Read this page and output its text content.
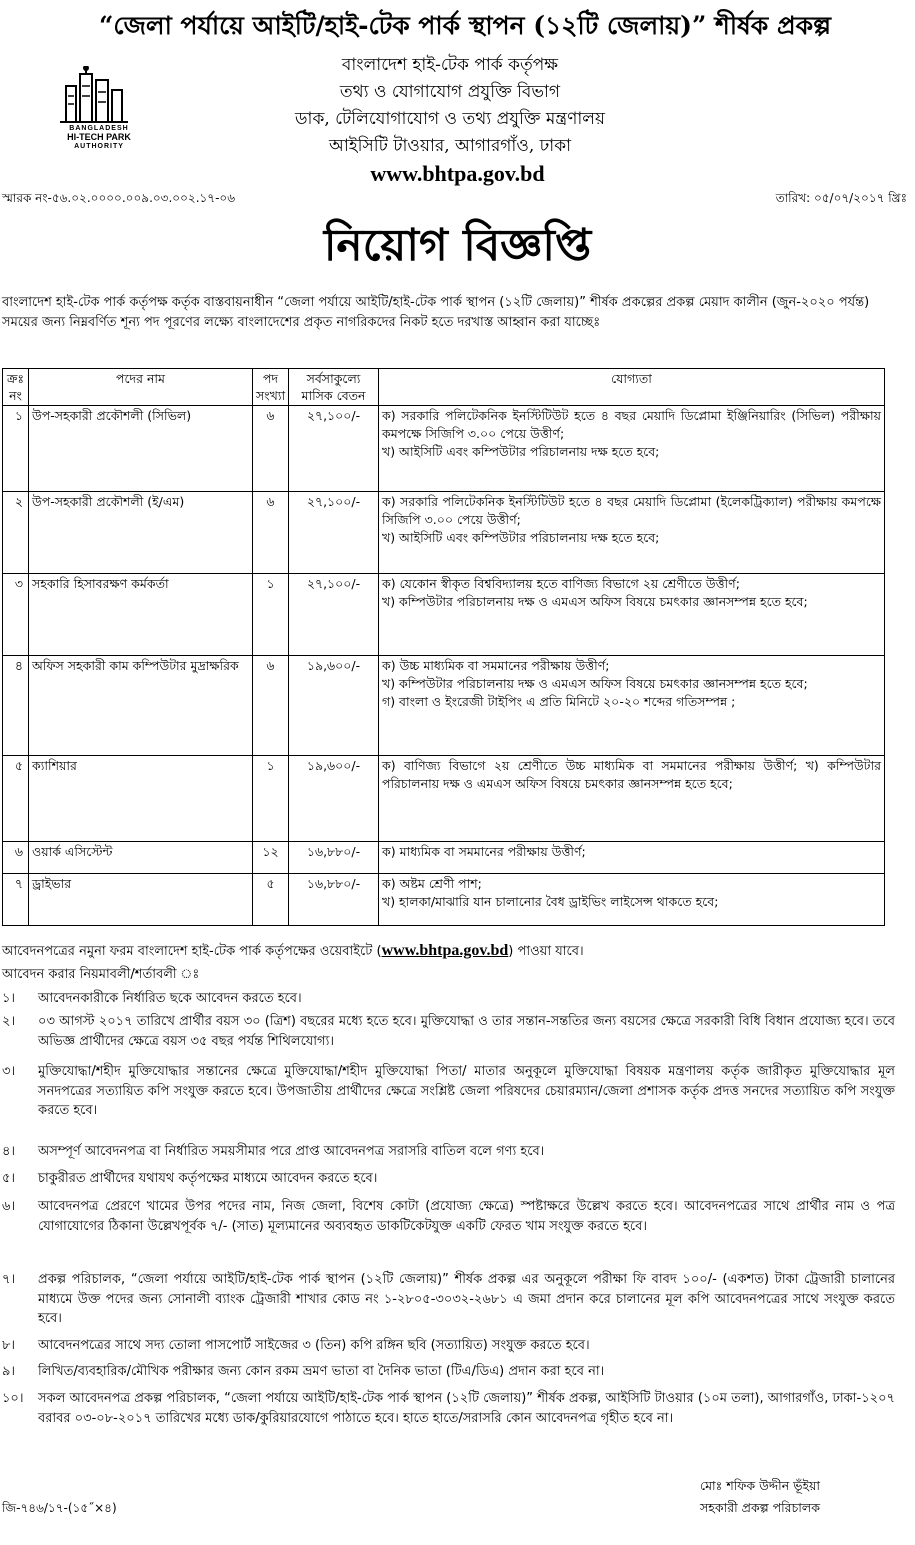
“জেলা পর্যায়ে আইটি/হাই-টেক পার্ক স্থাপন (১২টি জেলায়)” শীর্ষক প্রকল্প
BANGLADESH
HI-TECH PARK
AUTHORITY
বাংলাদেশ হাই-টেক পার্ক কর্তৃপক্ষ
তথ্য ও যোগাযোগ প্রযুক্তি বিভাগ
ডাক, টেলিযোগাযোগ ও তথ্য প্রযুক্তি মন্ত্রণালয়
আইসিটি টাওয়ার, আগারগাঁও, ঢাকা
www.bhtpa.gov.bd
স্মারক নং-৫৬.০২.০০০০.০০৯.০৩.০০২.১৭-০৬	তারিখ: ০৫/০৭/২০১৭ খ্রিঃ
নিয়োগ বিজ্ঞপ্তি
বাংলাদেশ হাই-টেক পার্ক কর্তৃপক্ষ কর্তৃক বাস্তবায়নাধীন “জেলা পর্যায়ে আইটি/হাই-টেক পার্ক স্থাপন (১২টি জেলায়)” শীর্ষক প্রকল্পের প্রকল্প মেয়াদ কালীন (জুন-২০২০ পর্যন্ত) সময়ের জন্য নিম্নবর্ণিত শূন্য পদ পূরণের লক্ষ্যে বাংলাদেশের প্রকৃত নাগরিকদের নিকট হতে দরখাস্ত আহ্বান করা যাচ্ছেঃ
ক্রঃ নং	পদের নাম	পদ সংখ্যা	সর্বসাকুল্যে মাসিক বেতন	যোগ্যতা
১	উপ-সহকারী প্রকৌশলী (সিভিল)	৬	২৭,১০০/-	ক) সরকারি পলিটেকনিক ইনস্টিটিউট হতে ৪ বছর মেয়াদি ডিপ্লোমা ইঞ্জিনিয়ারিং (সিভিল) পরীক্ষায় কমপক্ষে সিজিপি ৩.০০ পেয়ে উত্তীর্ণ;
খ) আইসিটি এবং কম্পিউটার পরিচালনায় দক্ষ হতে হবে;
২	উপ-সহকারী প্রকৌশলী (ই/এম)	৬	২৭,১০০/-	ক) সরকারি পলিটেকনিক ইনস্টিটিউট হতে ৪ বছর মেয়াদি ডিপ্লোমা (ইলেকট্রিক্যাল) পরীক্ষায় কমপক্ষে সিজিপি ৩.০০ পেয়ে উত্তীর্ণ;
খ) আইসিটি এবং কম্পিউটার পরিচালনায় দক্ষ হতে হবে;
৩	সহকারি হিসাবরক্ষণ কর্মকর্তা	১	২৭,১০০/-	ক) যেকোন স্বীকৃত বিশ্ববিদ্যালয় হতে বাণিজ্য বিভাগে ২য় শ্রেণীতে উত্তীর্ণ;
খ) কম্পিউটার পরিচালনায় দক্ষ ও এমএস অফিস বিষয়ে চমৎকার জ্ঞানসম্পন্ন হতে হবে;
৪	অফিস সহকারী কাম কম্পিউটার মুদ্রাক্ষরিক	৬	১৯,৬০০/-	ক) উচ্চ মাধ্যমিক বা সমমানের পরীক্ষায় উত্তীর্ণ;
খ) কম্পিউটার পরিচালনায় দক্ষ ও এমএস অফিস বিষয়ে চমৎকার জ্ঞানসম্পন্ন হতে হবে;
গ) বাংলা ও ইংরেজী টাইপিং এ প্রতি মিনিটে ২০-২০ শব্দের গতিসম্পন্ন ;
৫	ক্যাশিয়ার	১	১৯,৬০০/-	ক) বাণিজ্য বিভাগে ২য় শ্রেণীতে উচ্চ মাধ্যমিক বা সমমানের পরীক্ষায় উত্তীর্ণ; খ) কম্পিউটার পরিচালনায় দক্ষ ও এমএস অফিস বিষয়ে চমৎকার জ্ঞানসম্পন্ন হতে হবে;
৬	ওয়ার্ক এসিস্টেন্ট	১২	১৬,৮৮০/-	ক) মাধ্যমিক বা সমমানের পরীক্ষায় উত্তীর্ণ;
৭	ড্রাইভার	৫	১৬,৮৮০/-	ক) অষ্টম শ্রেণী পাশ;
খ) হালকা/মাঝারি যান চালানোর বৈধ ড্রাইভিং লাইসেন্স থাকতে হবে;
আবেদনপত্রের নমুনা ফরম বাংলাদেশ হাই-টেক পার্ক কর্তৃপক্ষের ওয়েবাইটে (www.bhtpa.gov.bd) পাওয়া যাবে।
আবেদন করার নিয়মাবলী/শর্তাবলী ঃ
১।	আবেদনকারীকে নির্ধারিত ছকে আবেদন করতে হবে।
২।	০৩ আগস্ট ২০১৭ তারিখে প্রার্থীর বয়স ৩০ (ত্রিশ) বছরের মধ্যে হতে হবে। মুক্তিযোদ্ধা ও তার সন্তান-সন্ততির জন্য বয়সের ক্ষেত্রে সরকারী বিধি বিধান প্রযোজ্য হবে। তবে অভিজ্ঞ প্রার্থীদের ক্ষেত্রে বয়স ৩৫ বছর পর্যন্ত শিথিলযোগ্য।
৩।	মুক্তিযোদ্ধা/শহীদ মুক্তিযোদ্ধার সন্তানের ক্ষেত্রে মুক্তিযোদ্ধা/শহীদ মুক্তিযোদ্ধা পিতা/ মাতার অনুকূলে মুক্তিযোদ্ধা বিষয়ক মন্ত্রণালয় কর্তৃক জারীকৃত মুক্তিযোদ্ধার মূল সনদপত্রের সত্যায়িত কপি সংযুক্ত করতে হবে। উপজাতীয় প্রার্থীদের ক্ষেত্রে সংশ্লিষ্ট জেলা পরিষদের চেয়ারম্যান/জেলা প্রশাসক কর্তৃক প্রদত্ত সনদের সত্যায়িত কপি সংযুক্ত করতে হবে।
৪।	অসম্পূর্ণ আবেদনপত্র বা নির্ধারিত সময়সীমার পরে প্রাপ্ত আবেদনপত্র সরাসরি বাতিল বলে গণ্য হবে।
৫।	চাকুরীরত প্রার্থীদের যথাযথ কর্তৃপক্ষের মাধ্যমে আবেদন করতে হবে।
৬।	আবেদনপত্র প্রেরণে খামের উপর পদের নাম, নিজ জেলা, বিশেষ কোটা (প্রযোজ্য ক্ষেত্রে) স্পষ্টাক্ষরে উল্লেখ করতে হবে। আবেদনপত্রের সাথে প্রার্থীর নাম ও পত্র যোগাযোগের ঠিকানা উল্লেখপূর্বক ৭/- (সাত) মূল্যমানের অব্যবহৃত ডাকটিকেটযুক্ত একটি ফেরত খাম সংযুক্ত করতে হবে।
৭।	প্রকল্প পরিচালক, “জেলা পর্যায়ে আইটি/হাই-টেক পার্ক স্থাপন (১২টি জেলায়)” শীর্ষক প্রকল্প এর অনুকূলে পরীক্ষা ফি বাবদ ১০০/- (একশত) টাকা ট্রেজারী চালানের মাধ্যমে উক্ত পদের জন্য সোনালী ব্যাংক ট্রেজারী শাখার কোড নং ১-২৮০৫-৩০৩২-২৬৮১ এ জমা প্রদান করে চালানের মূল কপি আবেদনপত্রের সাথে সংযুক্ত করতে হবে।
৮।	আবেদনপত্রের সাথে সদ্য তোলা পাসপোর্ট সাইজের ৩ (তিন) কপি রঙ্গিন ছবি (সত্যায়িত) সংযুক্ত করতে হবে।
৯।	লিখিত/ব্যবহারিক/মৌখিক পরীক্ষার জন্য কোন রকম ভ্রমণ ভাতা বা দৈনিক ভাতা (টিএ/ডিএ) প্রদান করা হবে না।
১০।	সকল আবেদনপত্র প্রকল্প পরিচালক, “জেলা পর্যায়ে আইটি/হাই-টেক পার্ক স্থাপন (১২টি জেলায়)” শীর্ষক প্রকল্প, আইসিটি টাওয়ার (১০ম তলা), আগারগাঁও, ঢাকা-১২০৭ বরাবর ০৩-০৮-২০১৭ তারিখের মধ্যে ডাক/কুরিয়ারযোগে পাঠাতে হবে। হাতে হাতে/সরাসরি কোন আবেদনপত্র গৃহীত হবে না।
মোঃ শফিক উদ্দীন ভূঁইয়া
সহকারী প্রকল্প পরিচালক
জি-৭৪৬/১৭-(১৫˝×৪)
